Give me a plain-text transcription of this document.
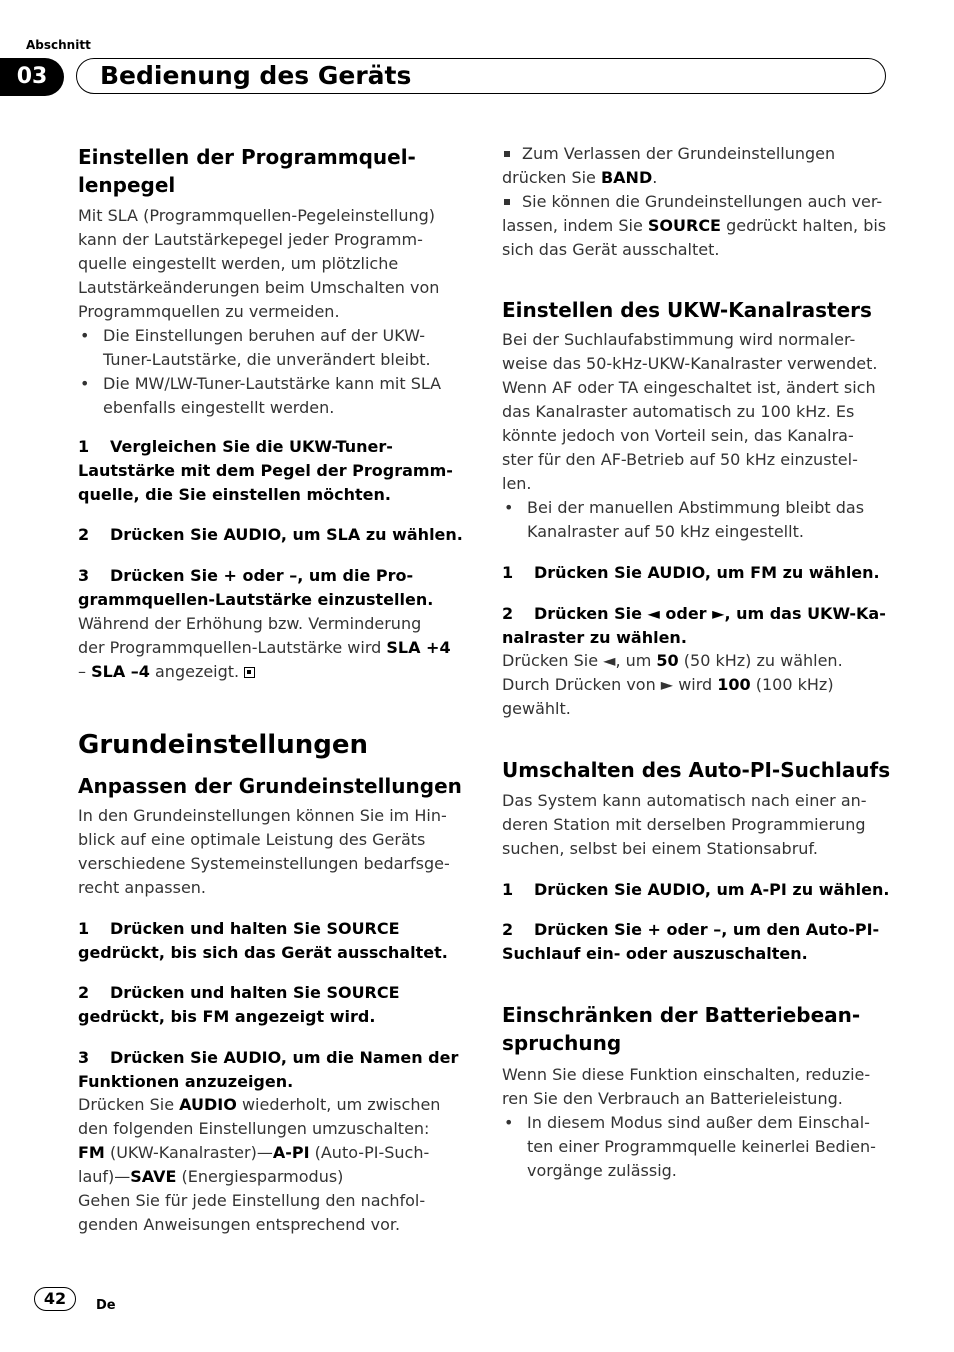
Abschnitt
03	Bedienung des Geräts
Einstellen der Programmquel-
lenpegel
Mit SLA (Programmquellen-Pegeleinstellung)
kann der Lautstärkepegel jeder Programm-
quelle eingestellt werden, um plötzliche
Lautstärkeänderungen beim Umschalten von
Programmquellen zu vermeiden.
• Die Einstellungen beruhen auf der UKW-
Tuner-Lautstärke, die unverändert bleibt.
• Die MW/LW-Tuner-Lautstärke kann mit SLA
ebenfalls eingestellt werden.
1 Vergleichen Sie die UKW-Tuner-
Lautstärke mit dem Pegel der Programm-
quelle, die Sie einstellen möchten.
2 Drücken Sie AUDIO, um SLA zu wählen.
3 Drücken Sie + oder –, um die Pro-
grammquellen-Lautstärke einzustellen.
Während der Erhöhung bzw. Verminderung
der Programmquellen-Lautstärke wird SLA +4
– SLA –4 angezeigt.
Grundeinstellungen
Anpassen der Grundeinstellungen
In den Grundeinstellungen können Sie im Hin-
blick auf eine optimale Leistung des Geräts
verschiedene Systemeinstellungen bedarfsge-
recht anpassen.
1 Drücken und halten Sie SOURCE
gedrückt, bis sich das Gerät ausschaltet.
2 Drücken und halten Sie SOURCE
gedrückt, bis FM angezeigt wird.
3 Drücken Sie AUDIO, um die Namen der
Funktionen anzuzeigen.
Drücken Sie AUDIO wiederholt, um zwischen
den folgenden Einstellungen umzuschalten:
FM (UKW-Kanalraster)—A-PI (Auto-PI-Such-
lauf)—SAVE (Energiesparmodus)
Gehen Sie für jede Einstellung den nachfol-
genden Anweisungen entsprechend vor.
Zum Verlassen der Grundeinstellungen
drücken Sie BAND.
Sie können die Grundeinstellungen auch ver-
lassen, indem Sie SOURCE gedrückt halten, bis
sich das Gerät ausschaltet.
Einstellen des UKW-Kanalrasters
Bei der Suchlaufabstimmung wird normaler-
weise das 50-kHz-UKW-Kanalraster verwendet.
Wenn AF oder TA eingeschaltet ist, ändert sich
das Kanalraster automatisch zu 100 kHz. Es
könnte jedoch von Vorteil sein, das Kanalra-
ster für den AF-Betrieb auf 50 kHz einzustel-
len.
• Bei der manuellen Abstimmung bleibt das
Kanalraster auf 50 kHz eingestellt.
1 Drücken Sie AUDIO, um FM zu wählen.
2 Drücken Sie ◄ oder ►, um das UKW-Ka-
nalraster zu wählen.
Drücken Sie ◄, um 50 (50 kHz) zu wählen.
Durch Drücken von ► wird 100 (100 kHz)
gewählt.
Umschalten des Auto-PI-Suchlaufs
Das System kann automatisch nach einer an-
deren Station mit derselben Programmierung
suchen, selbst bei einem Stationsabruf.
1 Drücken Sie AUDIO, um A-PI zu wählen.
2 Drücken Sie + oder –, um den Auto-PI-
Suchlauf ein- oder auszuschalten.
Einschränken der Batteriebean-
spruchung
Wenn Sie diese Funktion einschalten, reduzie-
ren Sie den Verbrauch an Batterieleistung.
• In diesem Modus sind außer dem Einschal-
ten einer Programmquelle keinerlei Bedien-
vorgänge zulässig.
42	De
